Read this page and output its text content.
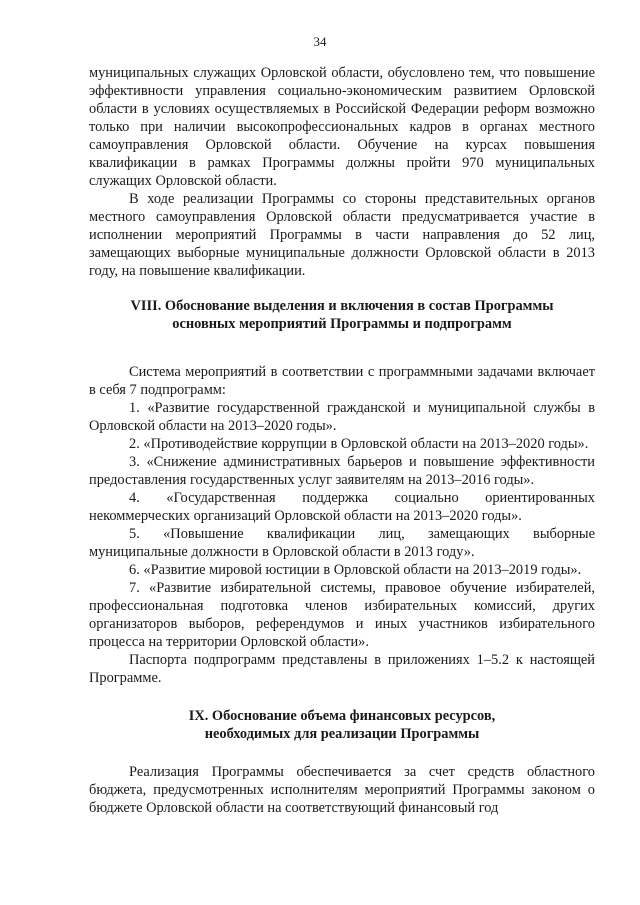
34

муниципальных служащих Орловской области, обусловлено тем, что повышение эффективности управления социально-экономическим развитием Орловской области в условиях осуществляемых в Российской Федерации реформ возможно только при наличии высокопрофессиональных кадров в органах местного самоуправления Орловской области. Обучение на курсах повышения квалификации в рамках Программы должны пройти 970 муниципальных служащих Орловской области.

В ходе реализации Программы со стороны представительных органов местного самоуправления Орловской области предусматривается участие в исполнении мероприятий Программы в части направления до 52 лиц, замещающих выборные муниципальные должности Орловской области в 2013 году, на повышение квалификации.

VIII. Обоснование выделения и включения в состав Программы
основных мероприятий Программы и подпрограмм

Система мероприятий в соответствии с программными задачами включает в себя 7 подпрограмм:

1. «Развитие государственной гражданской и муниципальной службы в Орловской области на 2013–2020 годы».

2. «Противодействие коррупции в Орловской области на 2013–2020 годы».

3. «Снижение административных барьеров и повышение эффективности предоставления государственных услуг заявителям на 2013–2016 годы».

4. «Государственная поддержка социально ориентированных некоммерческих организаций Орловской области на 2013–2020 годы».

5. «Повышение квалификации лиц, замещающих выборные муниципальные должности в Орловской области в 2013 году».

6. «Развитие мировой юстиции в Орловской области на 2013–2019 годы».

7. «Развитие избирательной системы, правовое обучение избирателей, профессиональная подготовка членов избирательных комиссий, других организаторов выборов, референдумов и иных участников избирательного процесса на территории Орловской области».

Паспорта подпрограмм представлены в приложениях 1–5.2 к настоящей Программе.

IX. Обоснование объема финансовых ресурсов,
необходимых для реализации Программы

Реализация Программы обеспечивается за счет средств областного бюджета, предусмотренных исполнителям мероприятий Программы законом о бюджете Орловской области на соответствующий финансовый год
